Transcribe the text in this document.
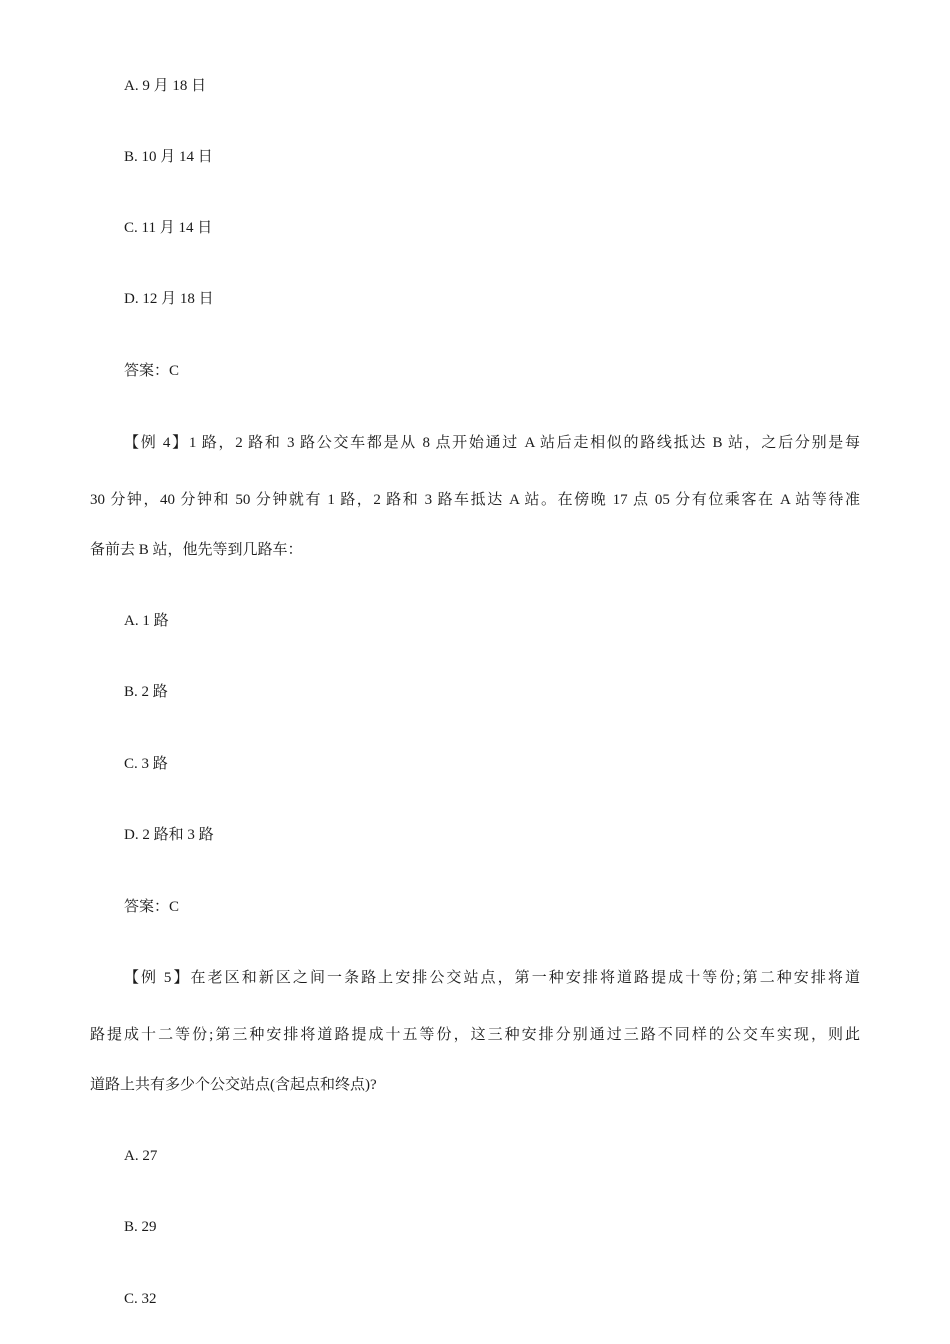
A. 9 月 18 日
B. 10 月 14 日
C. 11 月 14 日
D. 12 月 18 日
答案：C
【例 4】1 路，2 路和 3 路公交车都是从 8 点开始通过 A 站后走相似的路线抵达 B 站，之后分别是每
30 分钟，40 分钟和 50 分钟就有 1 路，2 路和 3 路车抵达 A 站。在傍晚 17 点 05 分有位乘客在 A 站等待准
备前去 B 站，他先等到几路车：
A. 1 路
B. 2 路
C. 3 路
D. 2 路和 3 路
答案：C
【例 5】在老区和新区之间一条路上安排公交站点，第一种安排将道路提成十等份;第二种安排将道
路提成十二等份;第三种安排将道路提成十五等份，这三种安排分别通过三路不同样的公交车实现，则此
道路上共有多少个公交站点(含起点和终点)?
A. 27
B. 29
C. 32
